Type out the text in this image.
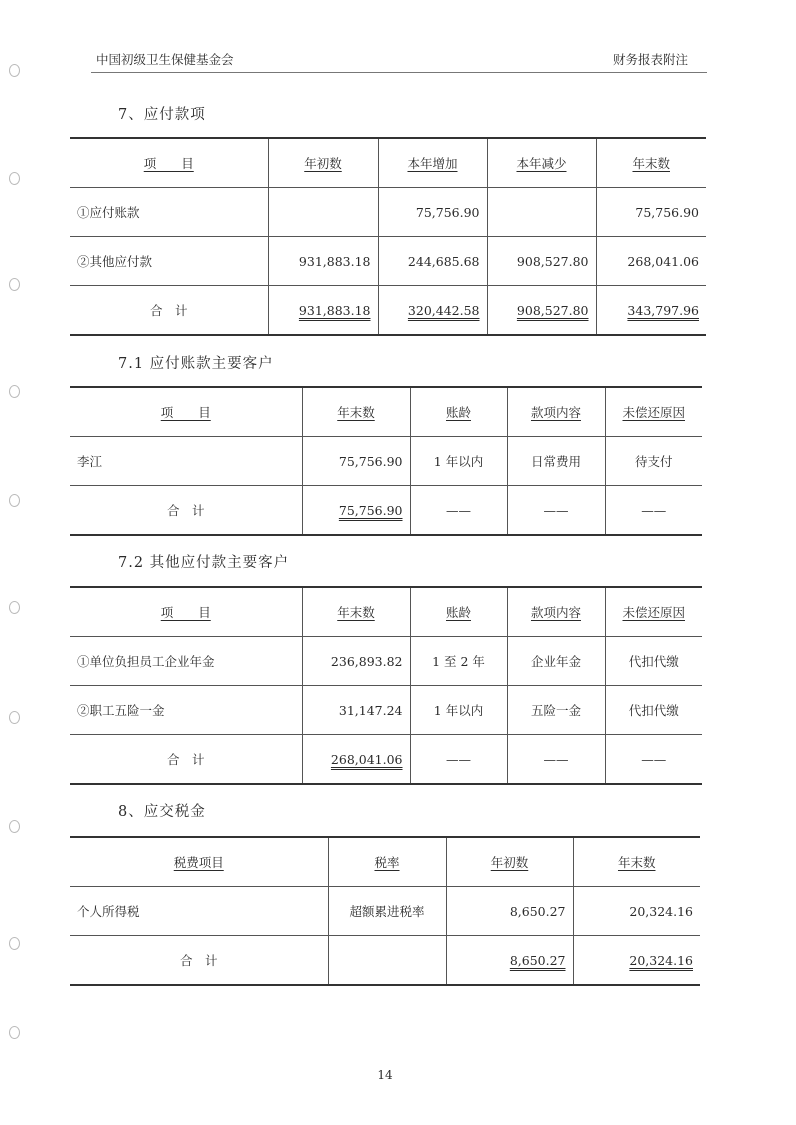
中国初级卫生保健基金会	财务报表附注
7、应付款项
项　　目	年初数	本年增加	本年减少	年末数
①应付账款		75,756.90		75,756.90
②其他应付款	931,883.18	244,685.68	908,527.80	268,041.06
合　计	931,883.18	320,442.58	908,527.80	343,797.96
7.1 应付账款主要客户
项　　目	年末数	账龄	款项内容	未偿还原因
李江	75,756.90	1 年以内	日常费用	待支付
合　计	75,756.90	——	——	——
7.2 其他应付款主要客户
项　　目	年末数	账龄	款项内容	未偿还原因
①单位负担员工企业年金	236,893.82	1 至 2 年	企业年金	代扣代缴
②职工五险一金	31,147.24	1 年以内	五险一金	代扣代缴
合　计	268,041.06	——	——	——
8、应交税金
税费项目	税率	年初数	年末数
个人所得税	超额累进税率	8,650.27	20,324.16
合　计		8,650.27	20,324.16
14
